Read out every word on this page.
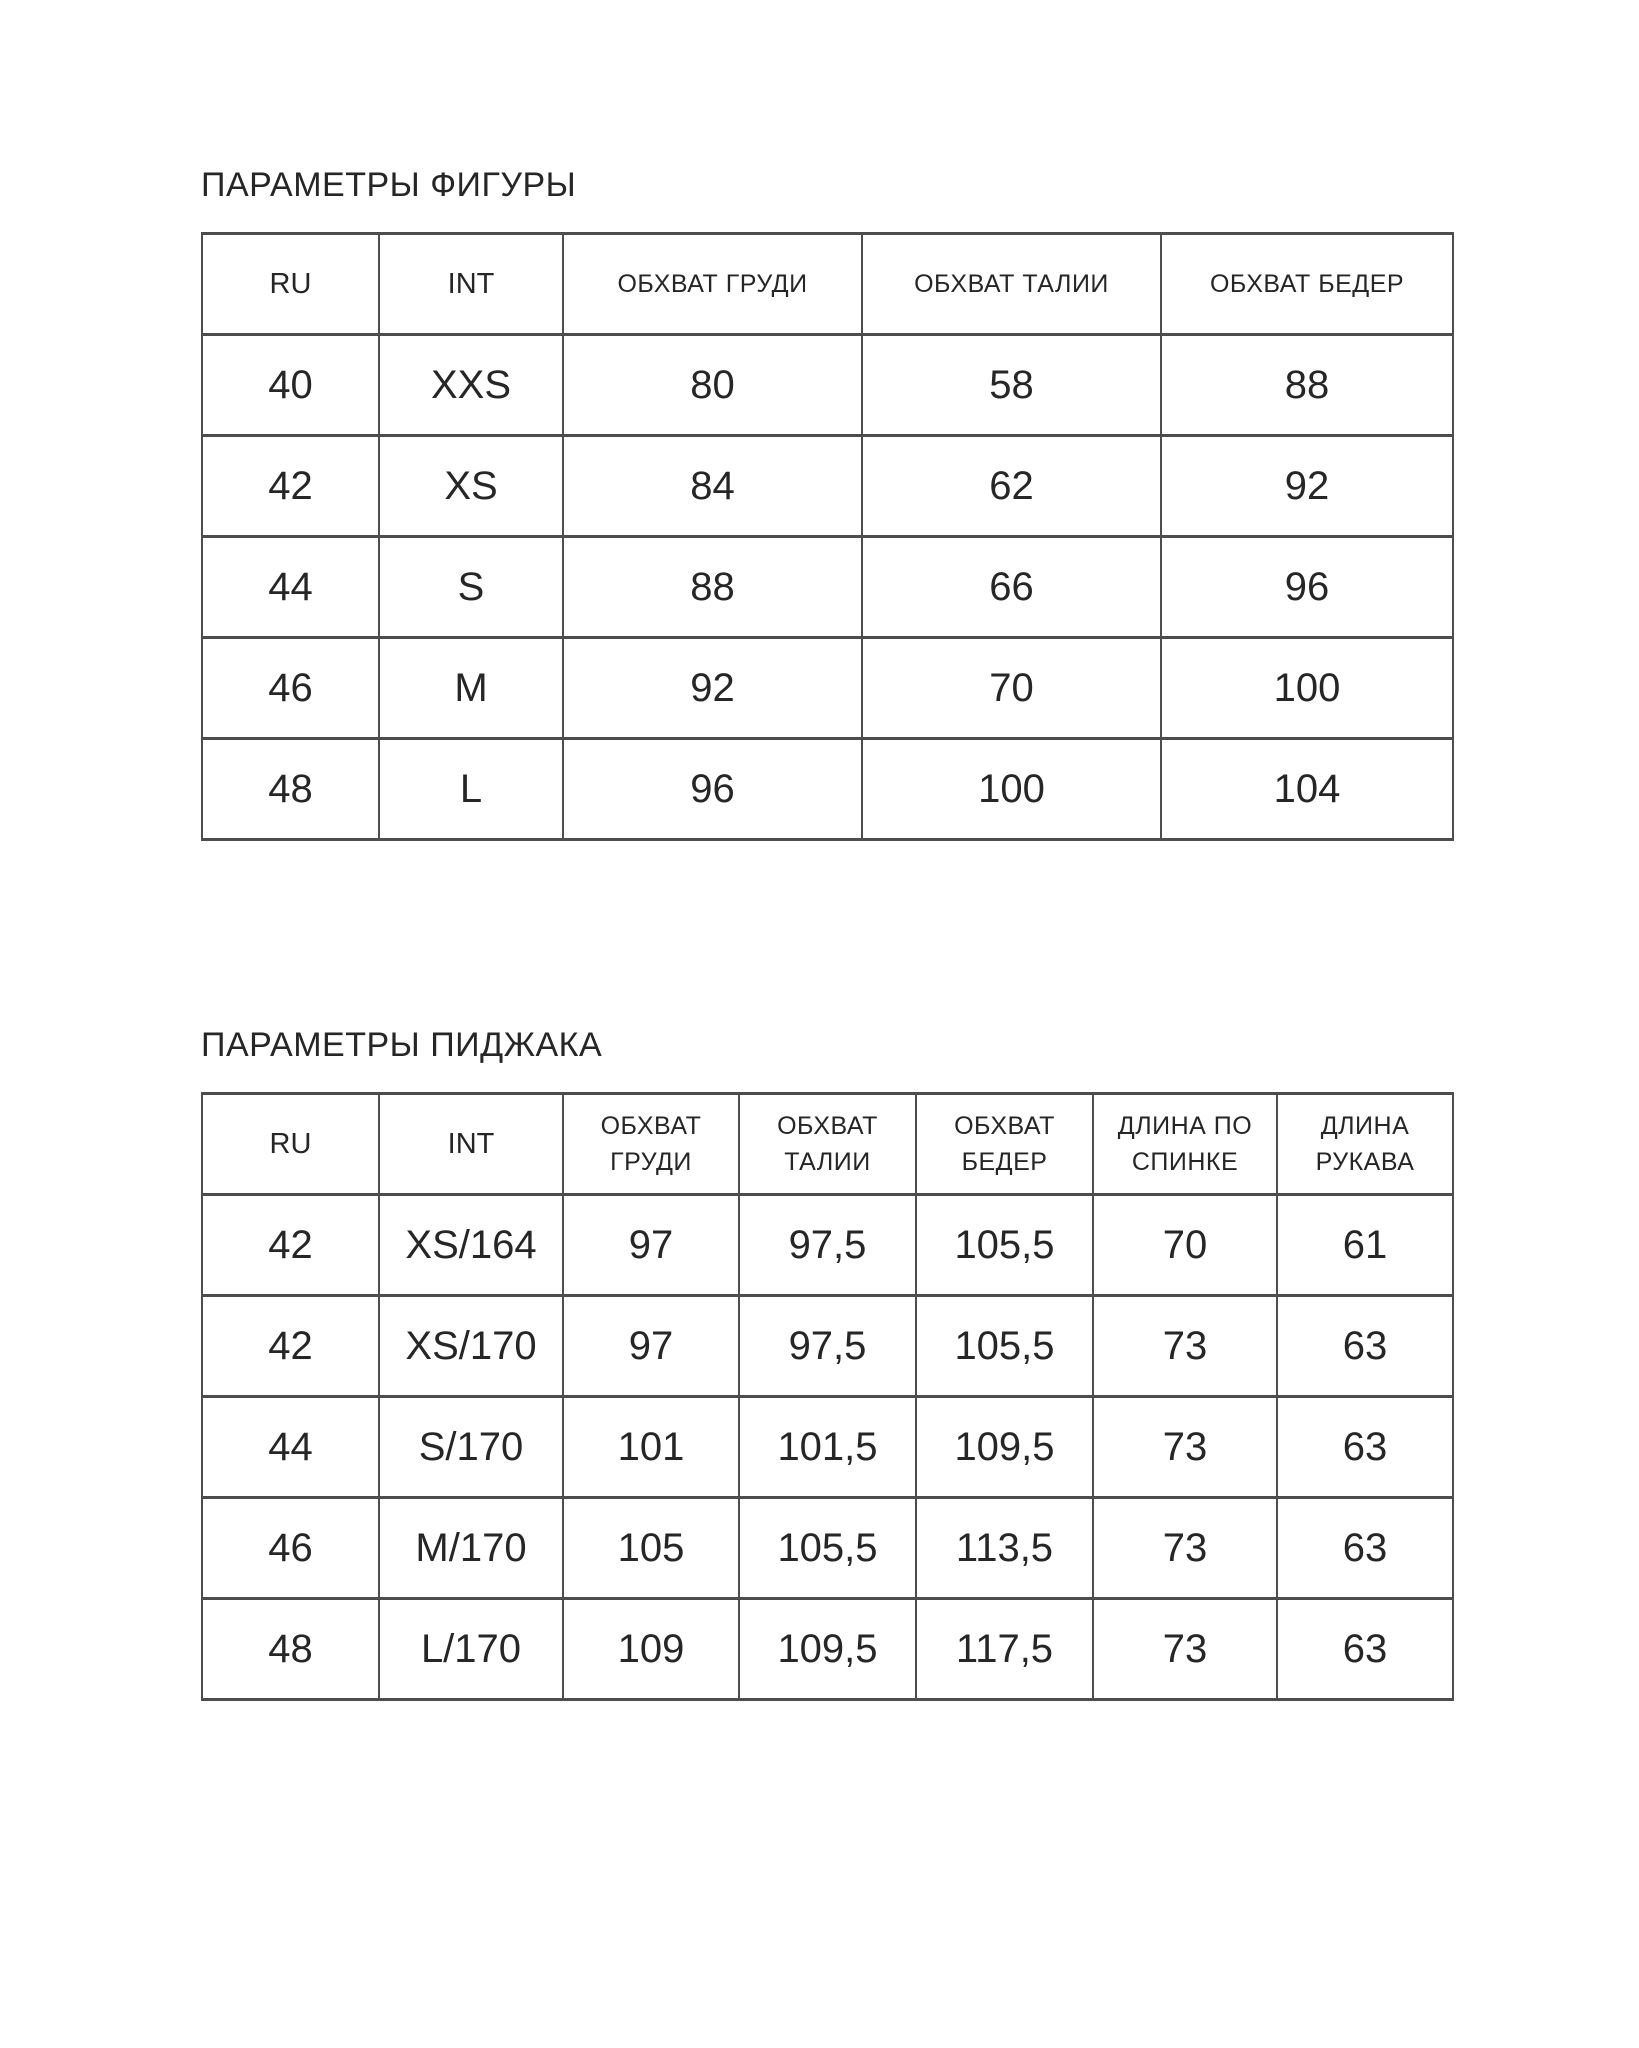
ПАРАМЕТРЫ ФИГУРЫ
RU	INT	ОБХВАТ ГРУДИ	ОБХВАТ ТАЛИИ	ОБХВАТ БЕДЕР
40	XXS	80	58	88
42	XS	84	62	92
44	S	88	66	96
46	M	92	70	100
48	L	96	100	104
ПАРАМЕТРЫ ПИДЖАКА
RU	INT	ОБХВАТ ГРУДИ	ОБХВАТ ТАЛИИ	ОБХВАТ БЕДЕР	ДЛИНА ПО СПИНКЕ	ДЛИНА РУКАВА
42	XS/164	97	97,5	105,5	70	61
42	XS/170	97	97,5	105,5	73	63
44	S/170	101	101,5	109,5	73	63
46	M/170	105	105,5	113,5	73	63
48	L/170	109	109,5	117,5	73	63
